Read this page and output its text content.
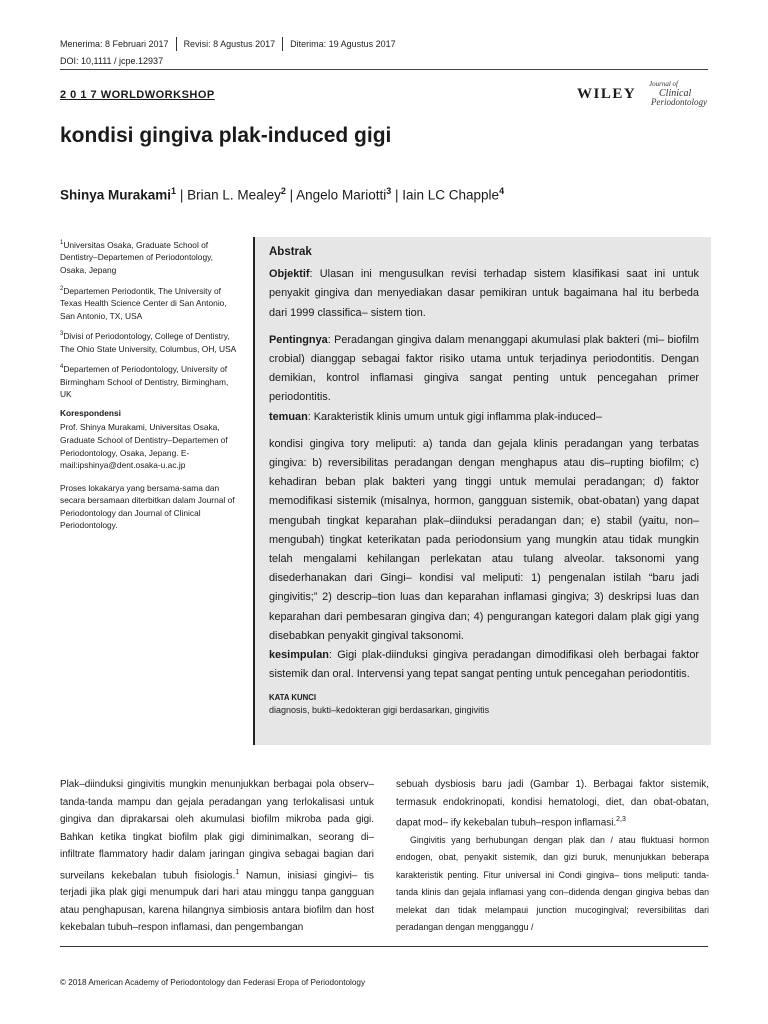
Menerima: 8 Februari 2017 Revisi: 8 Agustus 2017 Diterima: 19 Agustus 2017
DOI: 10,1111 / jcpe.12937
2 0 1 7 WORLDWORKSHOP	WILEY
Journal of
Clinical
Periodontology
kondisi gingiva plak-induced gigi
Shinya Murakami$^1$ | Brian L. Mealey$^2$ | Angelo Mariotti$^3$ | Iain LC Chapple$^4$

$^1$Universitas Osaka, Graduate School of Dentistry‒Departemen of Periodontology, Osaka, Jepang

$^2$Departemen Periodontik, The University of Texas Health Science Center di San Antonio, San Antonio, TX, USA

$^3$Divisi of Periodontology, College of Dentistry, The Ohio State University, Columbus, OH, USA

$^4$Departemen of Periodontology, University of Birmingham School of Dentistry, Birmingham, UK

Korespondensi

Prof. Shinya Murakami, Universitas Osaka, Graduate School of Dentistry‒Departemen of Periodontology, Osaka, Jepang. E-mail:ipshinya@dent.osaka-u.ac.jp

Proses lokakarya yang bersama-sama dan secara bersamaan diterbitkan dalam Journal of Periodontology dan Journal of Clinical Periodontology.

Abstrak

Objektif: Ulasan ini mengusulkan revisi terhadap sistem klasifikasi saat ini untuk penyakit gingiva dan menyediakan dasar pemikiran untuk bagaimana hal itu berbeda dari 1999 classifica‒ sistem tion.

Pentingnya: Peradangan gingiva dalam menanggapi akumulasi plak bakteri (mi‒ biofilm crobial) dianggap sebagai faktor risiko utama untuk terjadinya periodontitis. Dengan demikian, kontrol inflamasi gingiva sangat penting untuk pencegahan primer periodontitis.

temuan: Karakteristik klinis umum untuk gigi inflamma plak-induced‒

kondisi gingiva tory meliputi: a) tanda dan gejala klinis peradangan yang terbatas gingiva: b) reversibilitas peradangan dengan menghapus atau dis‒rupting biofilm; c) kehadiran beban plak bakteri yang tinggi untuk memulai peradangan; d) faktor memodifikasi sistemik (misalnya, hormon, gangguan sistemik, obat-obatan) yang dapat mengubah tingkat keparahan plak‒diinduksi peradangan dan; e) stabil (yaitu, non‒mengubah) tingkat keterikatan pada periodonsium yang mungkin atau tidak mungkin telah mengalami kehilangan perlekatan atau tulang alveolar. taksonomi yang disederhanakan dari Gingi‒ kondisi val meliputi: 1) pengenalan istilah “baru jadi gingivitis;” 2) descrip‒tion luas dan keparahan inflamasi gingiva; 3) deskripsi luas dan keparahan dari pembesaran gingiva dan; 4) pengurangan kategori dalam plak gigi yang disebabkan penyakit gingival taksonomi.

kesimpulan: Gigi plak-diinduksi gingiva peradangan dimodifikasi oleh berbagai faktor sistemik dan oral. Intervensi yang tepat sangat penting untuk pencegahan periodontitis.

KATA KUNCI

diagnosis, bukti‒kedokteran gigi berdasarkan, gingivitis

Plak‒diinduksi gingivitis mungkin menunjukkan berbagai pola observ‒tanda-tanda mampu dan gejala peradangan yang terlokalisasi untuk gingiva dan diprakarsai oleh akumulasi biofilm mikroba pada gigi. Bahkan ketika tingkat biofilm plak gigi diminimalkan, seorang di‒ infiltrate flammatory hadir dalam jaringan gingiva sebagai bagian dari surveilans kekebalan tubuh fisiologis.$^1$ Namun, inisiasi gingivi‒ tis terjadi jika plak gigi menumpuk dari hari atau minggu tanpa gangguan atau penghapusan, karena hilangnya simbiosis antara biofilm dan host kekebalan tubuh‒respon inflamasi, dan pengembangan
sebuah dysbiosis baru jadi (Gambar 1). Berbagai faktor sistemik, termasuk endokrinopati, kondisi hematologi, diet, dan obat-obatan, dapat mod‒ ify kekebalan tubuh‒respon inflamasi.$^{2,3}$
Gingivitis yang berhubungan dengan plak dan / atau fluktuasi hormon endogen, obat, penyakit sistemik, dan gizi buruk, menunjukkan beberapa karakteristik penting. Fitur universal ini Condi gingiva‒ tions meliputi: tanda-tanda klinis dan gejala inflamasi yang con‒didenda dengan gingiva bebas dan melekat dan tidak melampaui junction mucogingival; reversibilitas dari peradangan dengan mengganggu /
© 2018 American Academy of Periodontology dan Federasi Eropa of Periodontology
